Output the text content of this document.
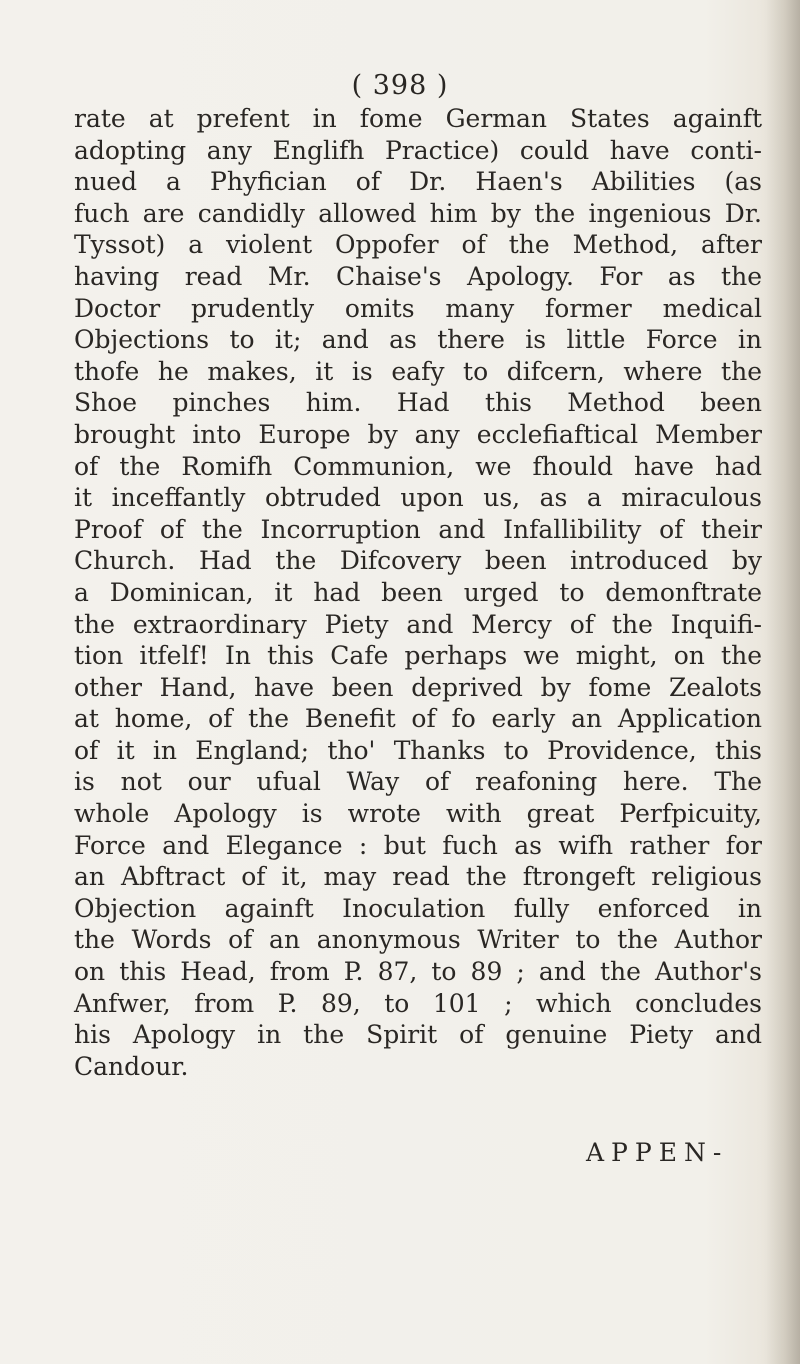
( 398 )
rate at prefent in fome German States againft
adopting any Englifh Practice) could have conti-
nued a Phyfician of Dr. Haen's Abilities (as
fuch are candidly allowed him by the ingenious Dr.
Tyssot) a violent Oppofer of the Method, after
having read Mr. Chaise's Apology. For as the
Doctor prudently omits many former medical
Objections to it; and as there is little Force in
thofe he makes, it is eafy to difcern, where the
Shoe pinches him. Had this Method been
brought into Europe by any ecclefiaftical Member
of the Romifh Communion, we fhould have had
it inceffantly obtruded upon us, as a miraculous
Proof of the Incorruption and Infallibility of their
Church. Had the Difcovery been introduced by
a Dominican, it had been urged to demonftrate
the extraordinary Piety and Mercy of the Inquifi-
tion itfelf! In this Cafe perhaps we might, on the
other Hand, have been deprived by fome Zealots
at home, of the Benefit of fo early an Application
of it in England; tho' Thanks to Providence, this
is not our ufual Way of reafoning here. The
whole Apology is wrote with great Perfpicuity,
Force and Elegance : but fuch as wifh rather for
an Abftract of it, may read the ftrongeft religious
Objection againft Inoculation fully enforced in
the Words of an anonymous Writer to the Author
on this Head, from P. 87, to 89 ; and the Author's
Anfwer, from P. 89, to 101 ; which concludes
his Apology in the Spirit of genuine Piety and
Candour.
APPEN-
